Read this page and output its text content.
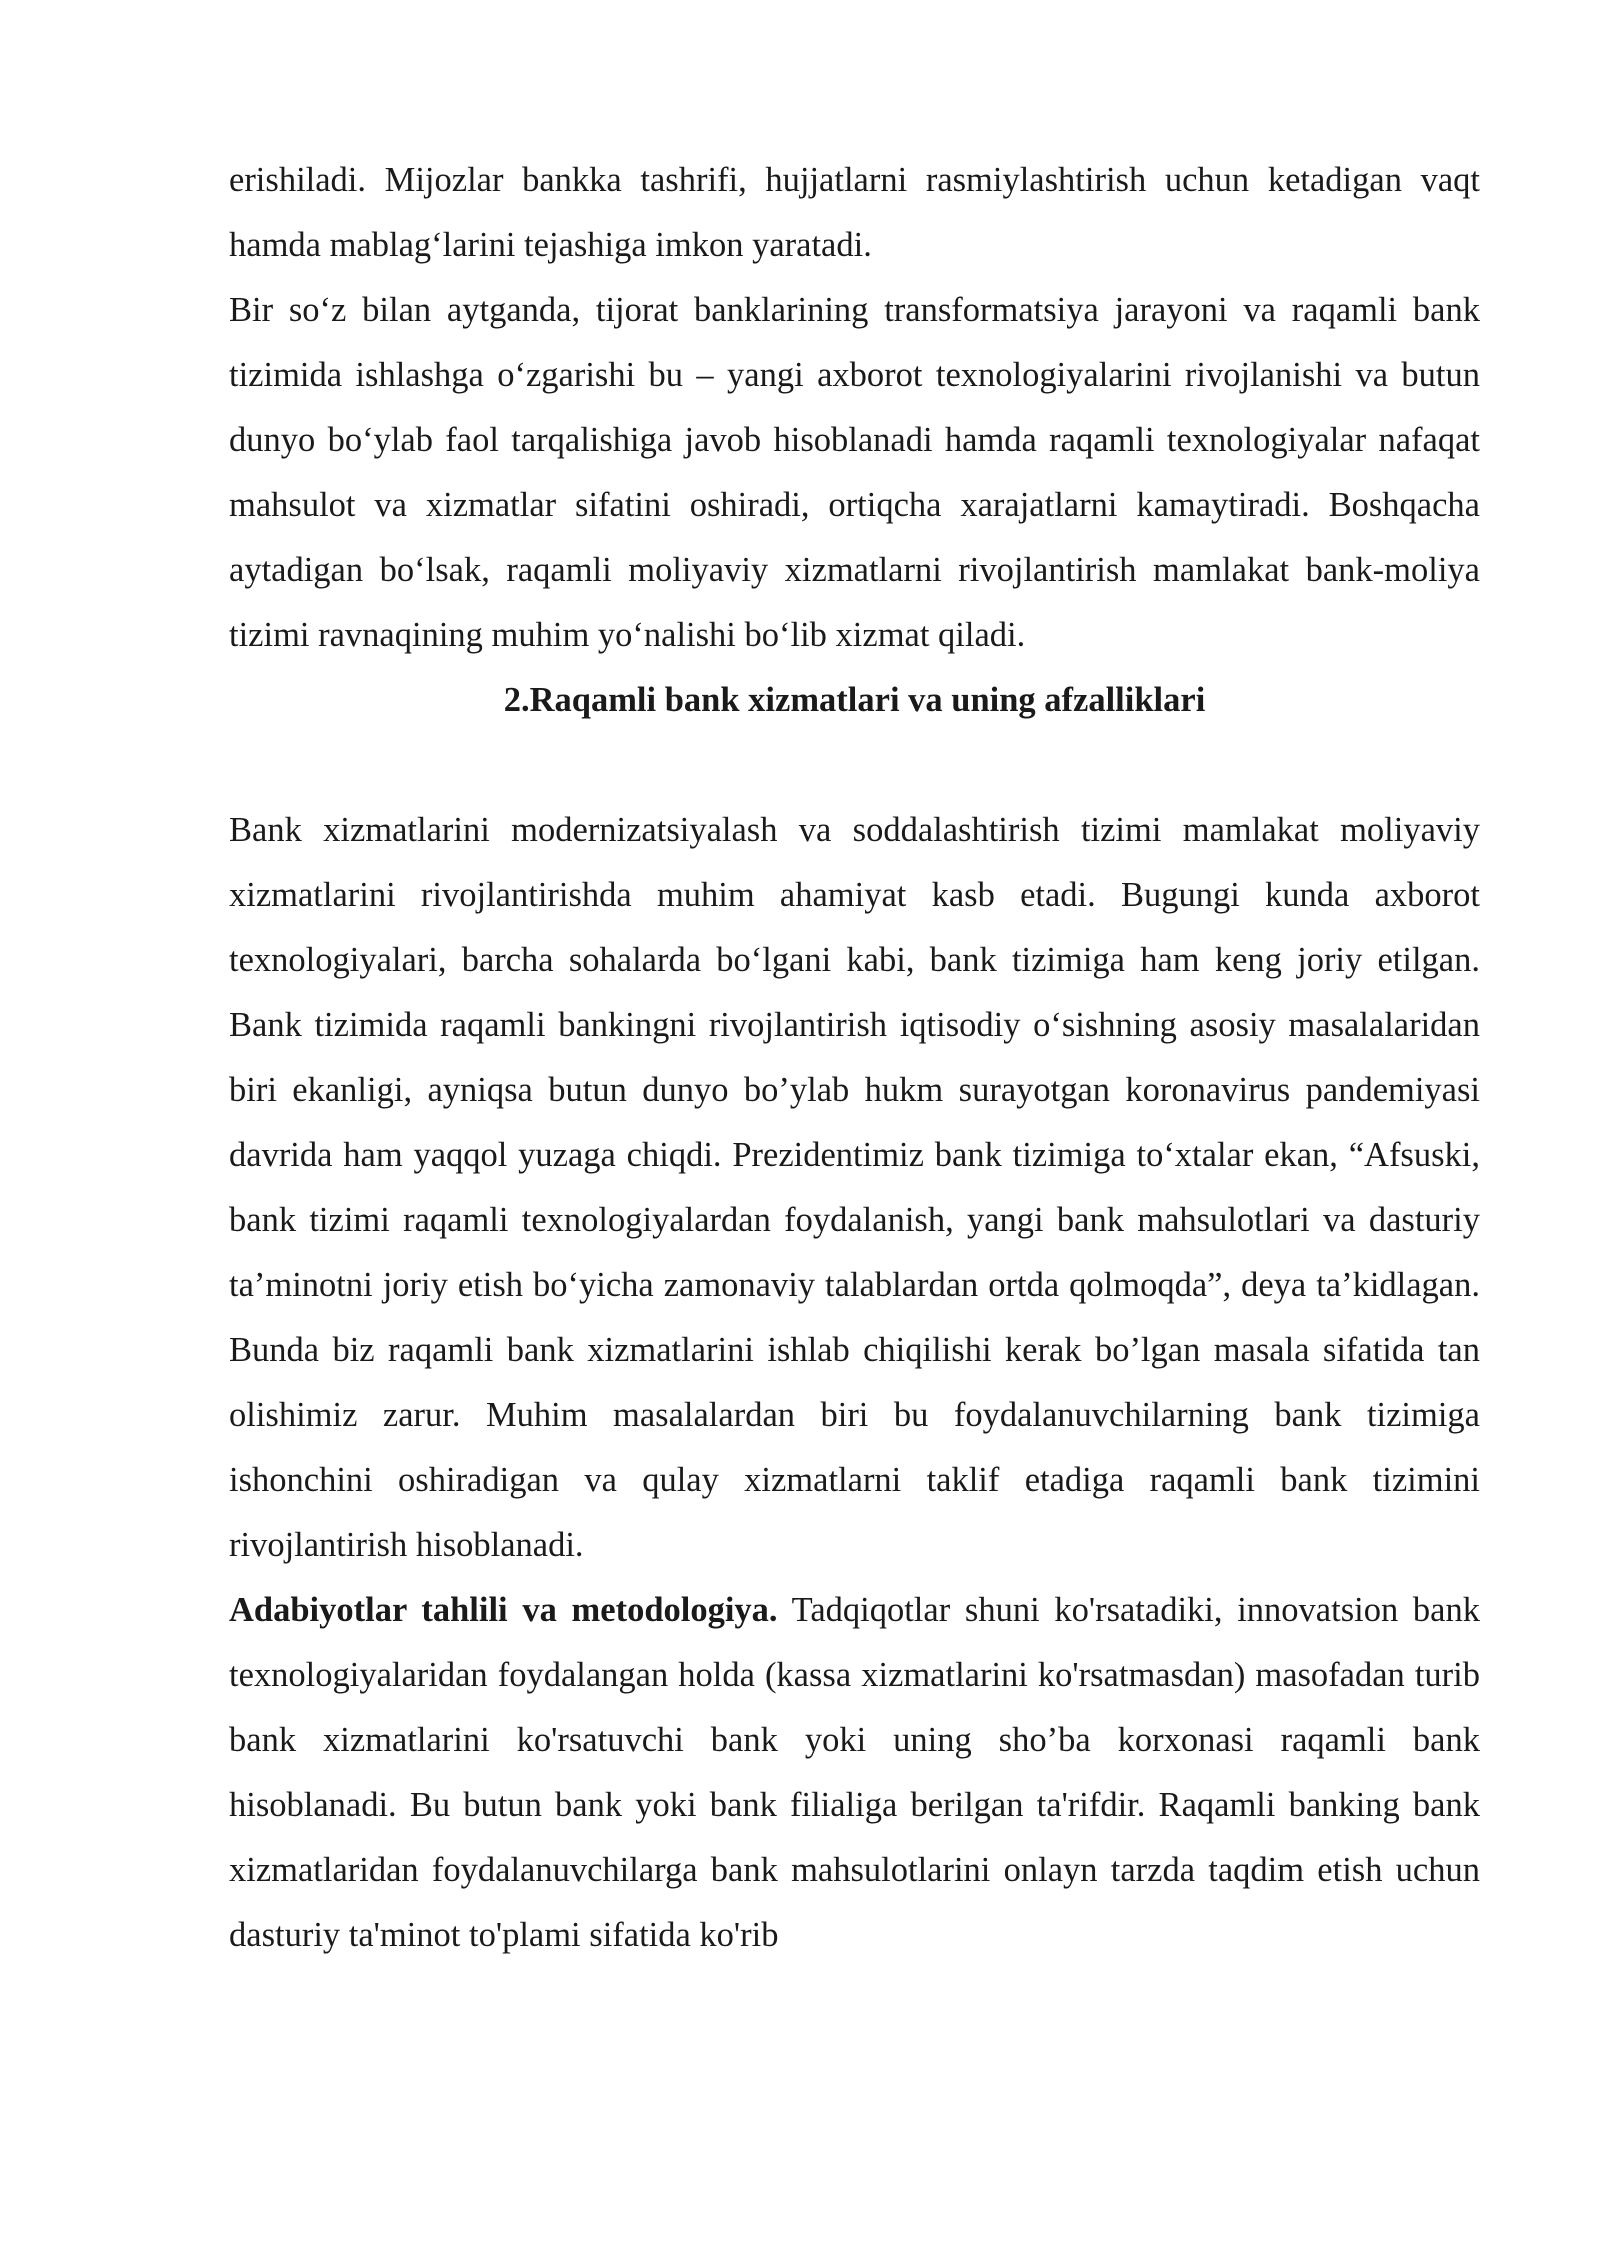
erishiladi. Mijozlar bankka tashrifi, hujjatlarni rasmiylashtirish uchun ketadigan vaqt hamda mablag‘larini tejashiga imkon yaratadi.

Bir so‘z bilan aytganda, tijorat banklarining transformatsiya jarayoni va raqamli bank tizimida ishlashga o‘zgarishi bu – yangi axborot texnologiyalarini rivojlanishi va butun dunyo bo‘ylab faol tarqalishiga javob hisoblanadi hamda raqamli texnologiyalar nafaqat mahsulot va xizmatlar sifatini oshiradi, ortiqcha xarajatlarni kamaytiradi. Boshqacha aytadigan bo‘lsak, raqamli moliyaviy xizmatlarni rivojlantirish mamlakat bank-moliya tizimi ravnaqining muhim yo‘nalishi bo‘lib xizmat qiladi.

2.Raqamli bank xizmatlari va uning afzalliklari

Bank xizmatlarini modernizatsiyalash va soddalashtirish tizimi mamlakat moliyaviy xizmatlarini rivojlantirishda muhim ahamiyat kasb etadi. Bugungi kunda axborot texnologiyalari, barcha sohalarda bo‘lgani kabi, bank tizimiga ham keng joriy etilgan. Bank tizimida raqamli bankingni rivojlantirish iqtisodiy o‘sishning asosiy masalalaridan biri ekanligi, ayniqsa butun dunyo bo’ylab hukm surayotgan koronavirus pandemiyasi davrida ham yaqqol yuzaga chiqdi. Prezidentimiz bank tizimiga to‘xtalar ekan, “Afsuski, bank tizimi raqamli texnologiyalardan foydalanish, yangi bank mahsulotlari va dasturiy ta’minotni joriy etish bo‘yicha zamonaviy talablardan ortda qolmoqda”, deya ta’kidlagan. Bunda biz raqamli bank xizmatlarini ishlab chiqilishi kerak bo’lgan masala sifatida tan olishimiz zarur. Muhim masalalardan biri bu foydalanuvchilarning bank tizimiga ishonchini oshiradigan va qulay xizmatlarni taklif etadiga raqamli bank tizimini rivojlantirish hisoblanadi.

Adabiyotlar tahlili va metodologiya. Tadqiqotlar shuni ko'rsatadiki, innovatsion bank texnologiyalaridan foydalangan holda (kassa xizmatlarini ko'rsatmasdan) masofadan turib bank xizmatlarini ko'rsatuvchi bank yoki uning sho’ba korxonasi raqamli bank hisoblanadi. Bu butun bank yoki bank filialiga berilgan ta'rifdir. Raqamli banking bank xizmatlaridan foydalanuvchilarga bank mahsulotlarini onlayn tarzda taqdim etish uchun dasturiy ta'minot to'plami sifatida ko'rib
